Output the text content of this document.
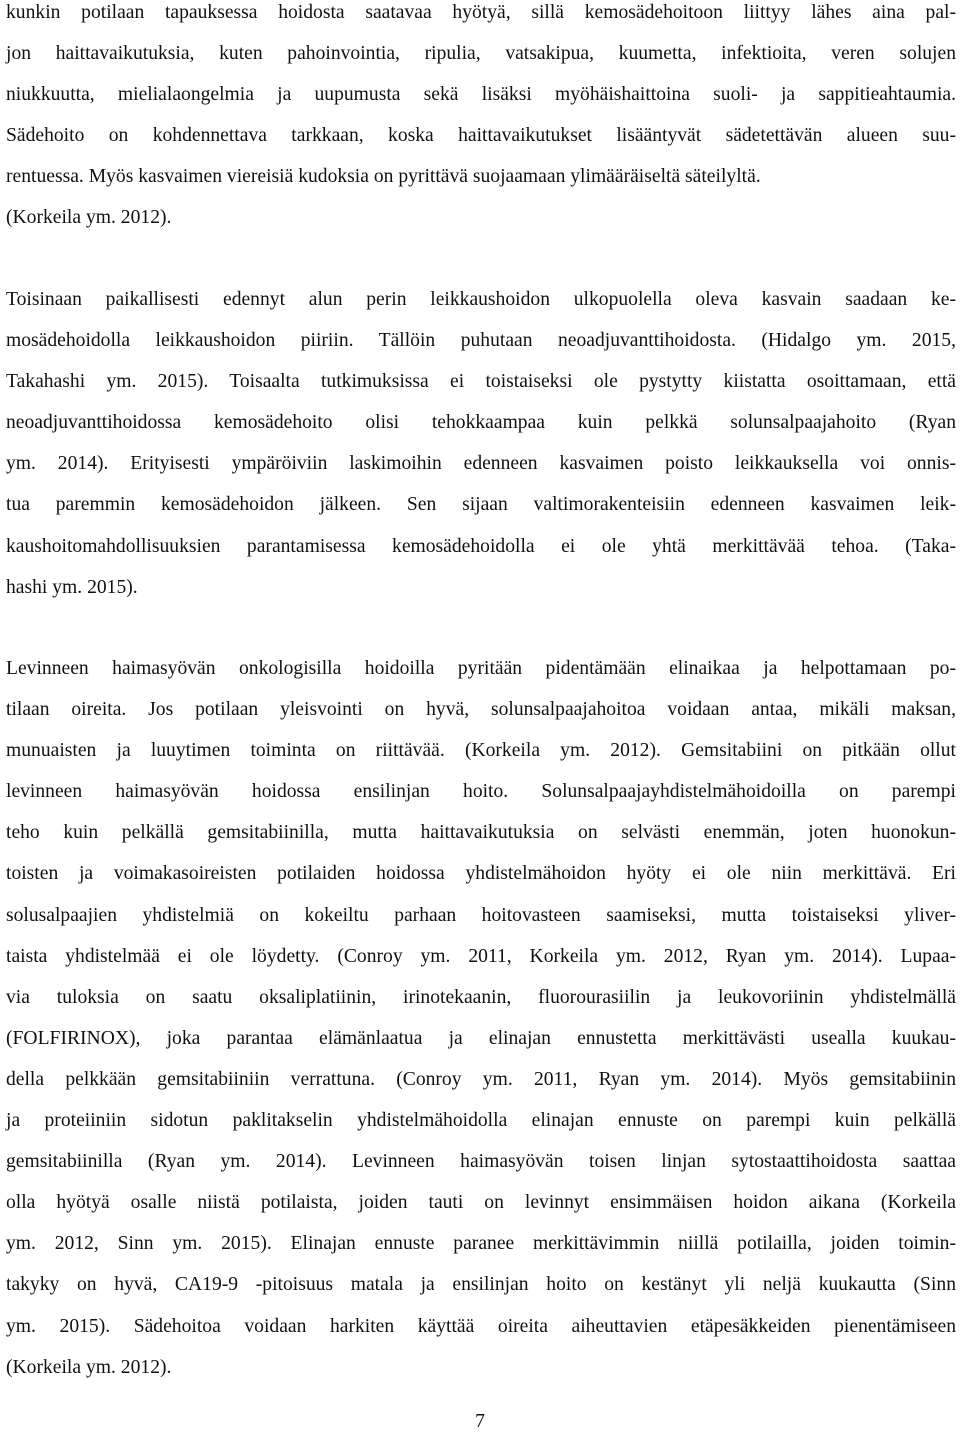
kunkin potilaan tapauksessa hoidosta saatavaa hyötyä, sillä kemosädehoitoon liittyy lähes aina pal-
jon haittavaikutuksia, kuten pahoinvointia, ripulia, vatsakipua, kuumetta, infektioita, veren solujen
niukkuutta, mielialaongelmia ja uupumusta sekä lisäksi myöhäishaittoina suoli- ja sappitieahtaumia.
Sädehoito on kohdennettava tarkkaan, koska haittavaikutukset lisääntyvät sädetettävän alueen suu-
rentuessa. Myös kasvaimen viereisiä kudoksia on pyrittävä suojaamaan ylimääräiseltä säteilyltä.
(Korkeila ym. 2012).
Toisinaan paikallisesti edennyt alun perin leikkaushoidon ulkopuolella oleva kasvain saadaan ke-
mosädehoidolla leikkaushoidon piiriin. Tällöin puhutaan neoadjuvanttihoidosta. (Hidalgo ym. 2015,
Takahashi ym. 2015). Toisaalta tutkimuksissa ei toistaiseksi ole pystytty kiistatta osoittamaan, että
neoadjuvanttihoidossa kemosädehoito olisi tehokkaampaa kuin pelkkä solunsalpaajahoito (Ryan
ym. 2014). Erityisesti ympäröiviin laskimoihin edenneen kasvaimen poisto leikkauksella voi onnis-
tua paremmin kemosädehoidon jälkeen. Sen sijaan valtimorakenteisiin edenneen kasvaimen leik-
kaushoitomahdollisuuksien parantamisessa kemosädehoidolla ei ole yhtä merkittävää tehoa. (Taka-
hashi ym. 2015).
Levinneen haimasyövän onkologisilla hoidoilla pyritään pidentämään elinaikaa ja helpottamaan po-
tilaan oireita. Jos potilaan yleisvointi on hyvä, solunsalpaajahoitoa voidaan antaa, mikäli maksan,
munuaisten ja luuytimen toiminta on riittävää. (Korkeila ym. 2012). Gemsitabiini on pitkään ollut
levinneen haimasyövän hoidossa ensilinjan hoito. Solunsalpaajayhdistelmähoidoilla on parempi
teho kuin pelkällä gemsitabiinilla, mutta haittavaikutuksia on selvästi enemmän, joten huonokun-
toisten ja voimakasoireisten potilaiden hoidossa yhdistelmähoidon hyöty ei ole niin merkittävä. Eri
solusalpaajien yhdistelmiä on kokeiltu parhaan hoitovasteen saamiseksi, mutta toistaiseksi yliver-
taista yhdistelmää ei ole löydetty. (Conroy ym. 2011, Korkeila ym. 2012, Ryan ym. 2014). Lupaa-
via tuloksia on saatu oksaliplatiinin, irinotekaanin, fluorourasiilin ja leukovoriinin yhdistelmällä
(FOLFIRINOX), joka parantaa elämänlaatua ja elinajan ennustetta merkittävästi usealla kuukau-
della pelkkään gemsitabiiniin verrattuna. (Conroy ym. 2011, Ryan ym. 2014). Myös gemsitabiinin
ja proteiiniin sidotun paklitakselin yhdistelmähoidolla elinajan ennuste on parempi kuin pelkällä
gemsitabiinilla (Ryan ym. 2014). Levinneen haimasyövän toisen linjan sytostaattihoidosta saattaa
olla hyötyä osalle niistä potilaista, joiden tauti on levinnyt ensimmäisen hoidon aikana (Korkeila
ym. 2012, Sinn ym. 2015). Elinajan ennuste paranee merkittävimmin niillä potilailla, joiden toimin-
takyky on hyvä, CA19-9 -pitoisuus matala ja ensilinjan hoito on kestänyt yli neljä kuukautta (Sinn
ym. 2015). Sädehoitoa voidaan harkiten käyttää oireita aiheuttavien etäpesäkkeiden pienentämiseen
(Korkeila ym. 2012).
7
